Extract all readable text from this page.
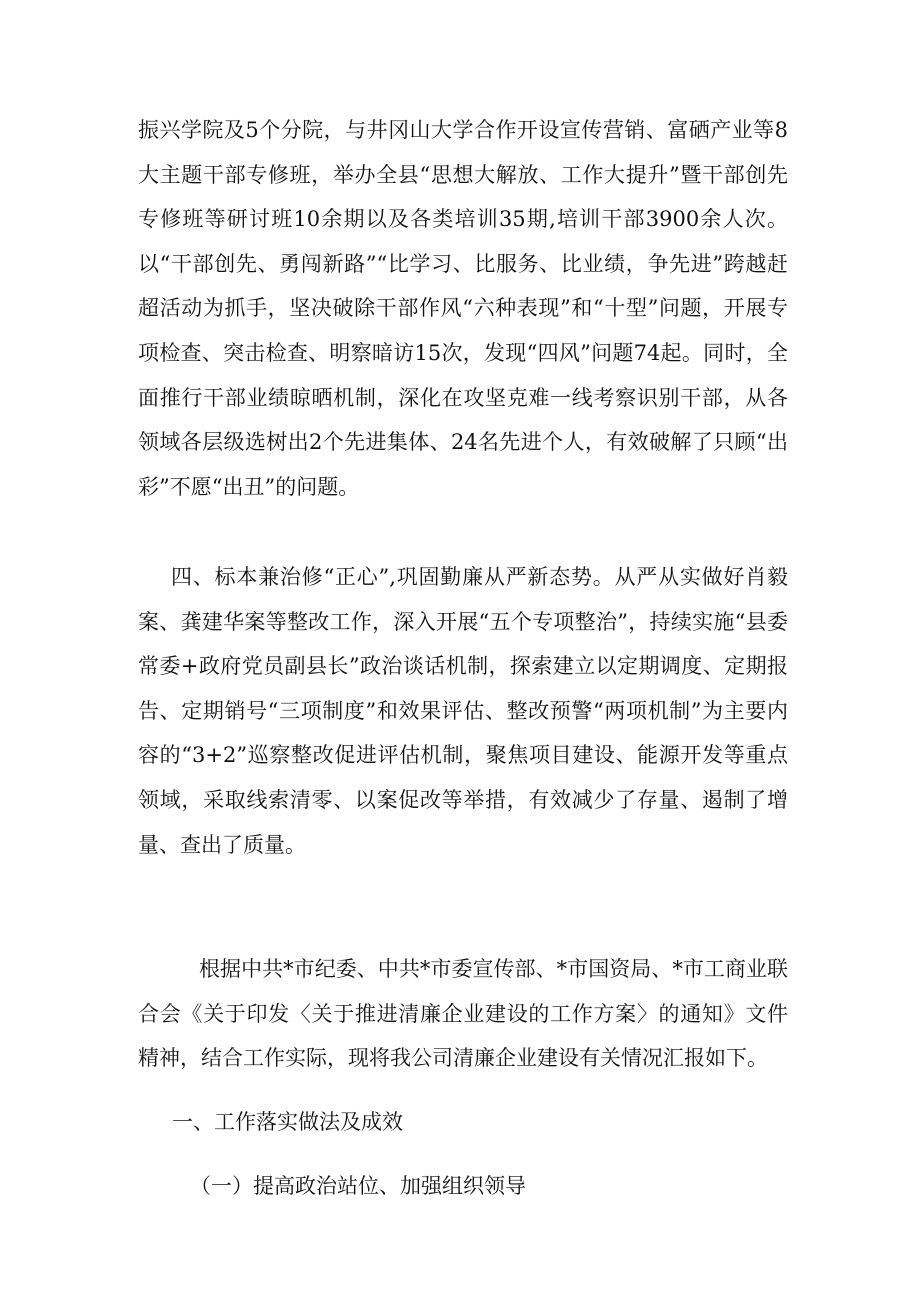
振兴学院及5个分院，与井冈山大学合作开设宣传营销、富硒产业等8大主题干部专修班，举办全县“思想大解放、工作大提升”暨干部创先专修班等研讨班10余期以及各类培训35期,培训干部3900余人次。以“干部创先、勇闯新路”“比学习、比服务、比业绩，争先进”跨越赶超活动为抓手，坚决破除干部作风“六种表现”和“十型”问题，开展专项检查、突击检查、明察暗访15次，发现“四风”问题74起。同时，全面推行干部业绩晾晒机制，深化在攻坚克难一线考察识别干部，从各领域各层级选树出2个先进集体、24名先进个人，有效破解了只顾“出彩”不愿“出丑”的问题。

四、标本兼治修“正心”,巩固勤廉从严新态势。从严从实做好肖毅案、龚建华案等整改工作，深入开展“五个专项整治”，持续实施“县委常委+政府党员副县长”政治谈话机制，探索建立以定期调度、定期报告、定期销号“三项制度”和效果评估、整改预警“两项机制”为主要内容的“3+2”巡察整改促进评估机制，聚焦项目建设、能源开发等重点领域，采取线索清零、以案促改等举措，有效减少了存量、遏制了增量、查出了质量。

根据中共*市纪委、中共*市委宣传部、*市国资局、*市工商业联合会《关于印发〈关于推进清廉企业建设的工作方案〉的通知》文件精神，结合工作实际，现将我公司清廉企业建设有关情况汇报如下。

一、工作落实做法及成效
（一）提高政治站位、加强组织领导
